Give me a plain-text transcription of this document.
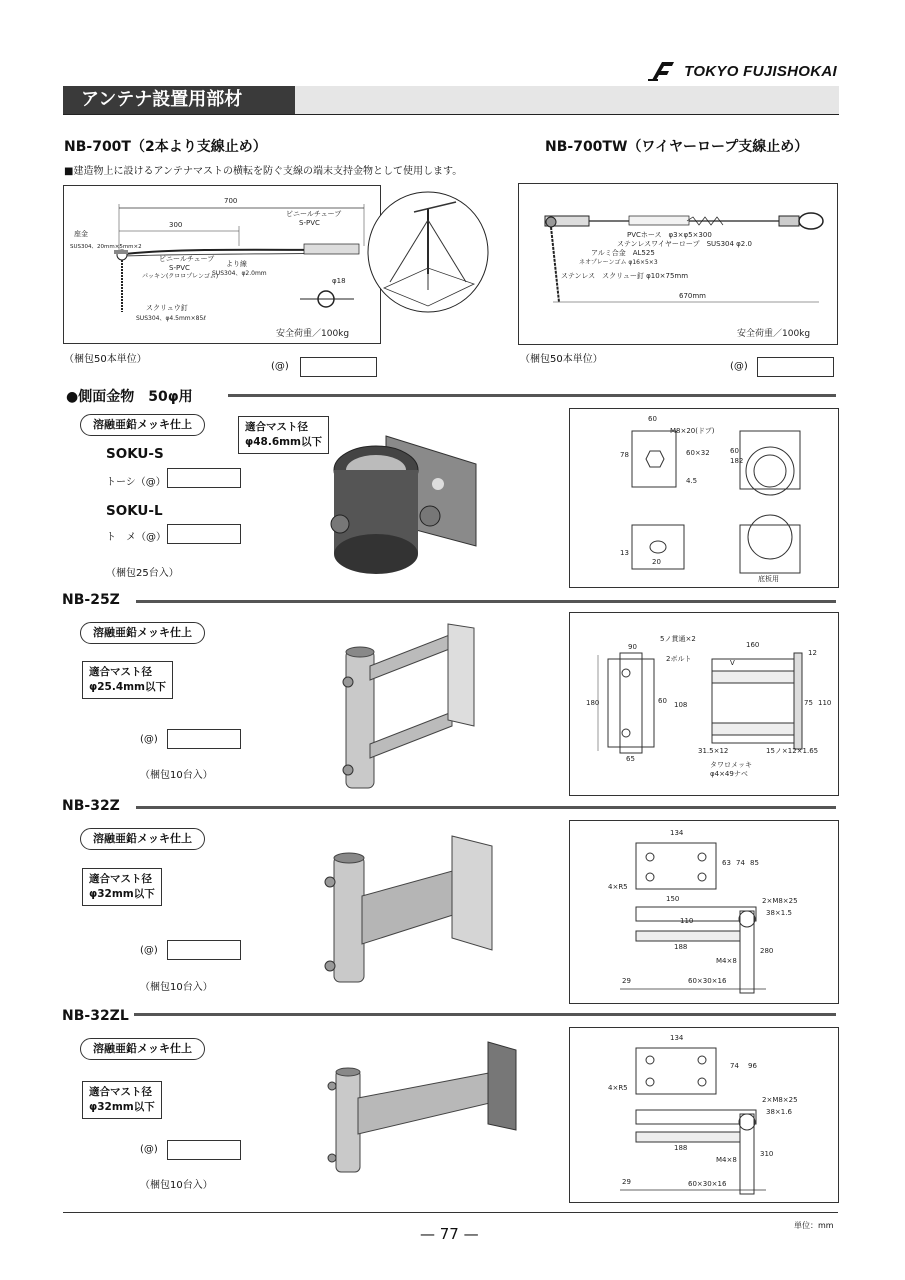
TOKYO FUJISHOKAI
アンテナ設置用部材
NB-700T（2本より支線止め）	NB-700TW（ワイヤーロープ支線止め）
■建造物上に設けるアンテナマストの横転を防ぐ支線の端末支持金物として使用します。
700
300
座金
SUS304、20mm×5mm×2
ビニールチューブ
S-PVC
パッキン(クロロプレンゴム)
ビニールチューブ
S-PVC
より線
SUS304、φ2.0mm
スクリュウ釘
SUS304、φ4.5mm×85ℓ
φ18
安全荷重／100kg
（梱包50本単位）
(@)
PVCホース　φ3×φ5×300
ステンレスワイヤーロープ　SUS304 φ2.0
アルミ合金　AL525
ネオプレーンゴム φ16×5×3
ステンレス　スクリュー釘 φ10×75mm
670mm
安全荷重／100kg
（梱包50本単位）
(@)
●側面金物　50φ用
溶融亜鉛メッキ仕上	適合マスト径
φ48.6mm以下
SOKU-S
トーシ（@）
SOKU-L
ト　メ（@）
（梱包25台入）
60
M8×20(ドブ)
78	60
182
60×32
4.5
13
20
底板用
NB-25Z
溶融亜鉛メッキ仕上
適合マスト径
φ25.4mm以下
(@)
（梱包10台入）
5ノ貫通×2
90	160
12
2ボルト	V
180	60 108	75 110
65
31.5×12	15ノ×12×1.65
タワロメッキ
φ4×49ナベ
NB-32Z
溶融亜鉛メッキ仕上
適合マスト径
φ32mm以下
(@)
（梱包10台入）
134
4×R5
150
63 74 85
2×M8×25
38×1.5
110
188
M4×8
280
60×30×16
29
NB-32ZL
溶融亜鉛メッキ仕上
適合マスト径
φ32mm以下
(@)
（梱包10台入）
134
4×R5
74 96
2×M8×25
38×1.6
188
M4×8
310
60×30×16
29
— 77 —	単位：mm
